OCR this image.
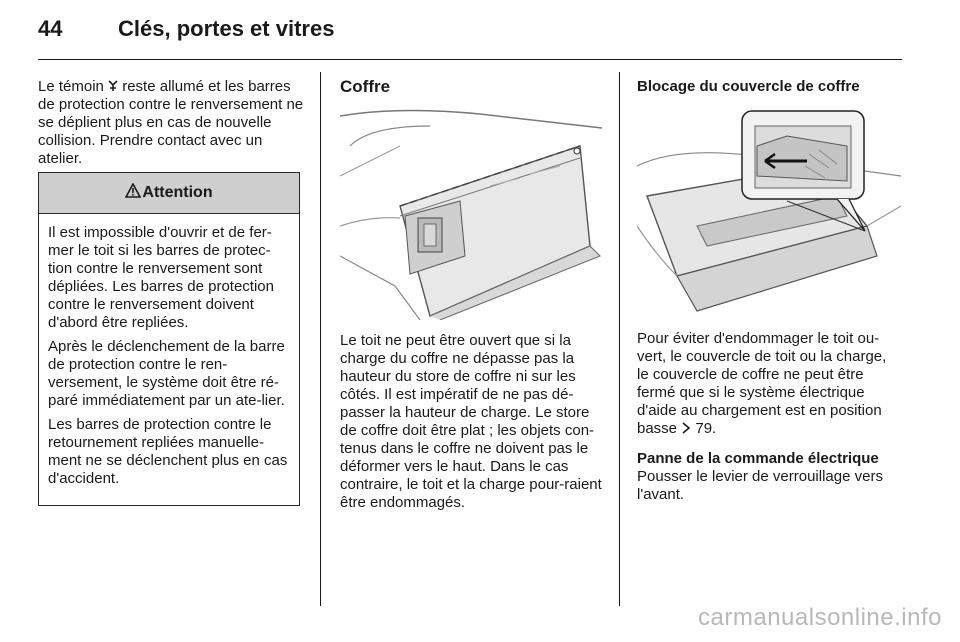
44	Clés, portes et vitres

Le témoin  reste allumé et les barres de protection contre le renversement ne se déplient plus en cas de nouvelle collision. Prendre contact avec un atelier.

Attention

Il est impossible d'ouvrir et de fer-mer le toit si les barres de protec-tion contre le renversement sont dépliées. Les barres de protection contre le renversement doivent d'abord être repliées.

Après le déclenchement de la barre de protection contre le ren-versement, le système doit être ré-paré immédiatement par un ate-lier.

Les barres de protection contre le retournement repliées manuelle-ment ne se déclenchent plus en cas d'accident.

Coffre

Le toit ne peut être ouvert que si la charge du coffre ne dépasse pas la hauteur du store de coffre ni sur les côtés. Il est impératif de ne pas dé-passer la hauteur de charge. Le store de coffre doit être plat ; les objets con-tenus dans le coffre ne doivent pas le déformer vers le haut. Dans le cas contraire, le toit et la charge pour-raient être endommagés.

Blocage du couvercle de coffre

Pour éviter d'endommager le toit ou-vert, le couvercle de toit ou la charge, le couvercle de coffre ne peut être fermé que si le système électrique d'aide au chargement est en position basse  79.

Panne de la commande électrique

Pousser le levier de verrouillage vers l'avant.

carmanualsonline.info
